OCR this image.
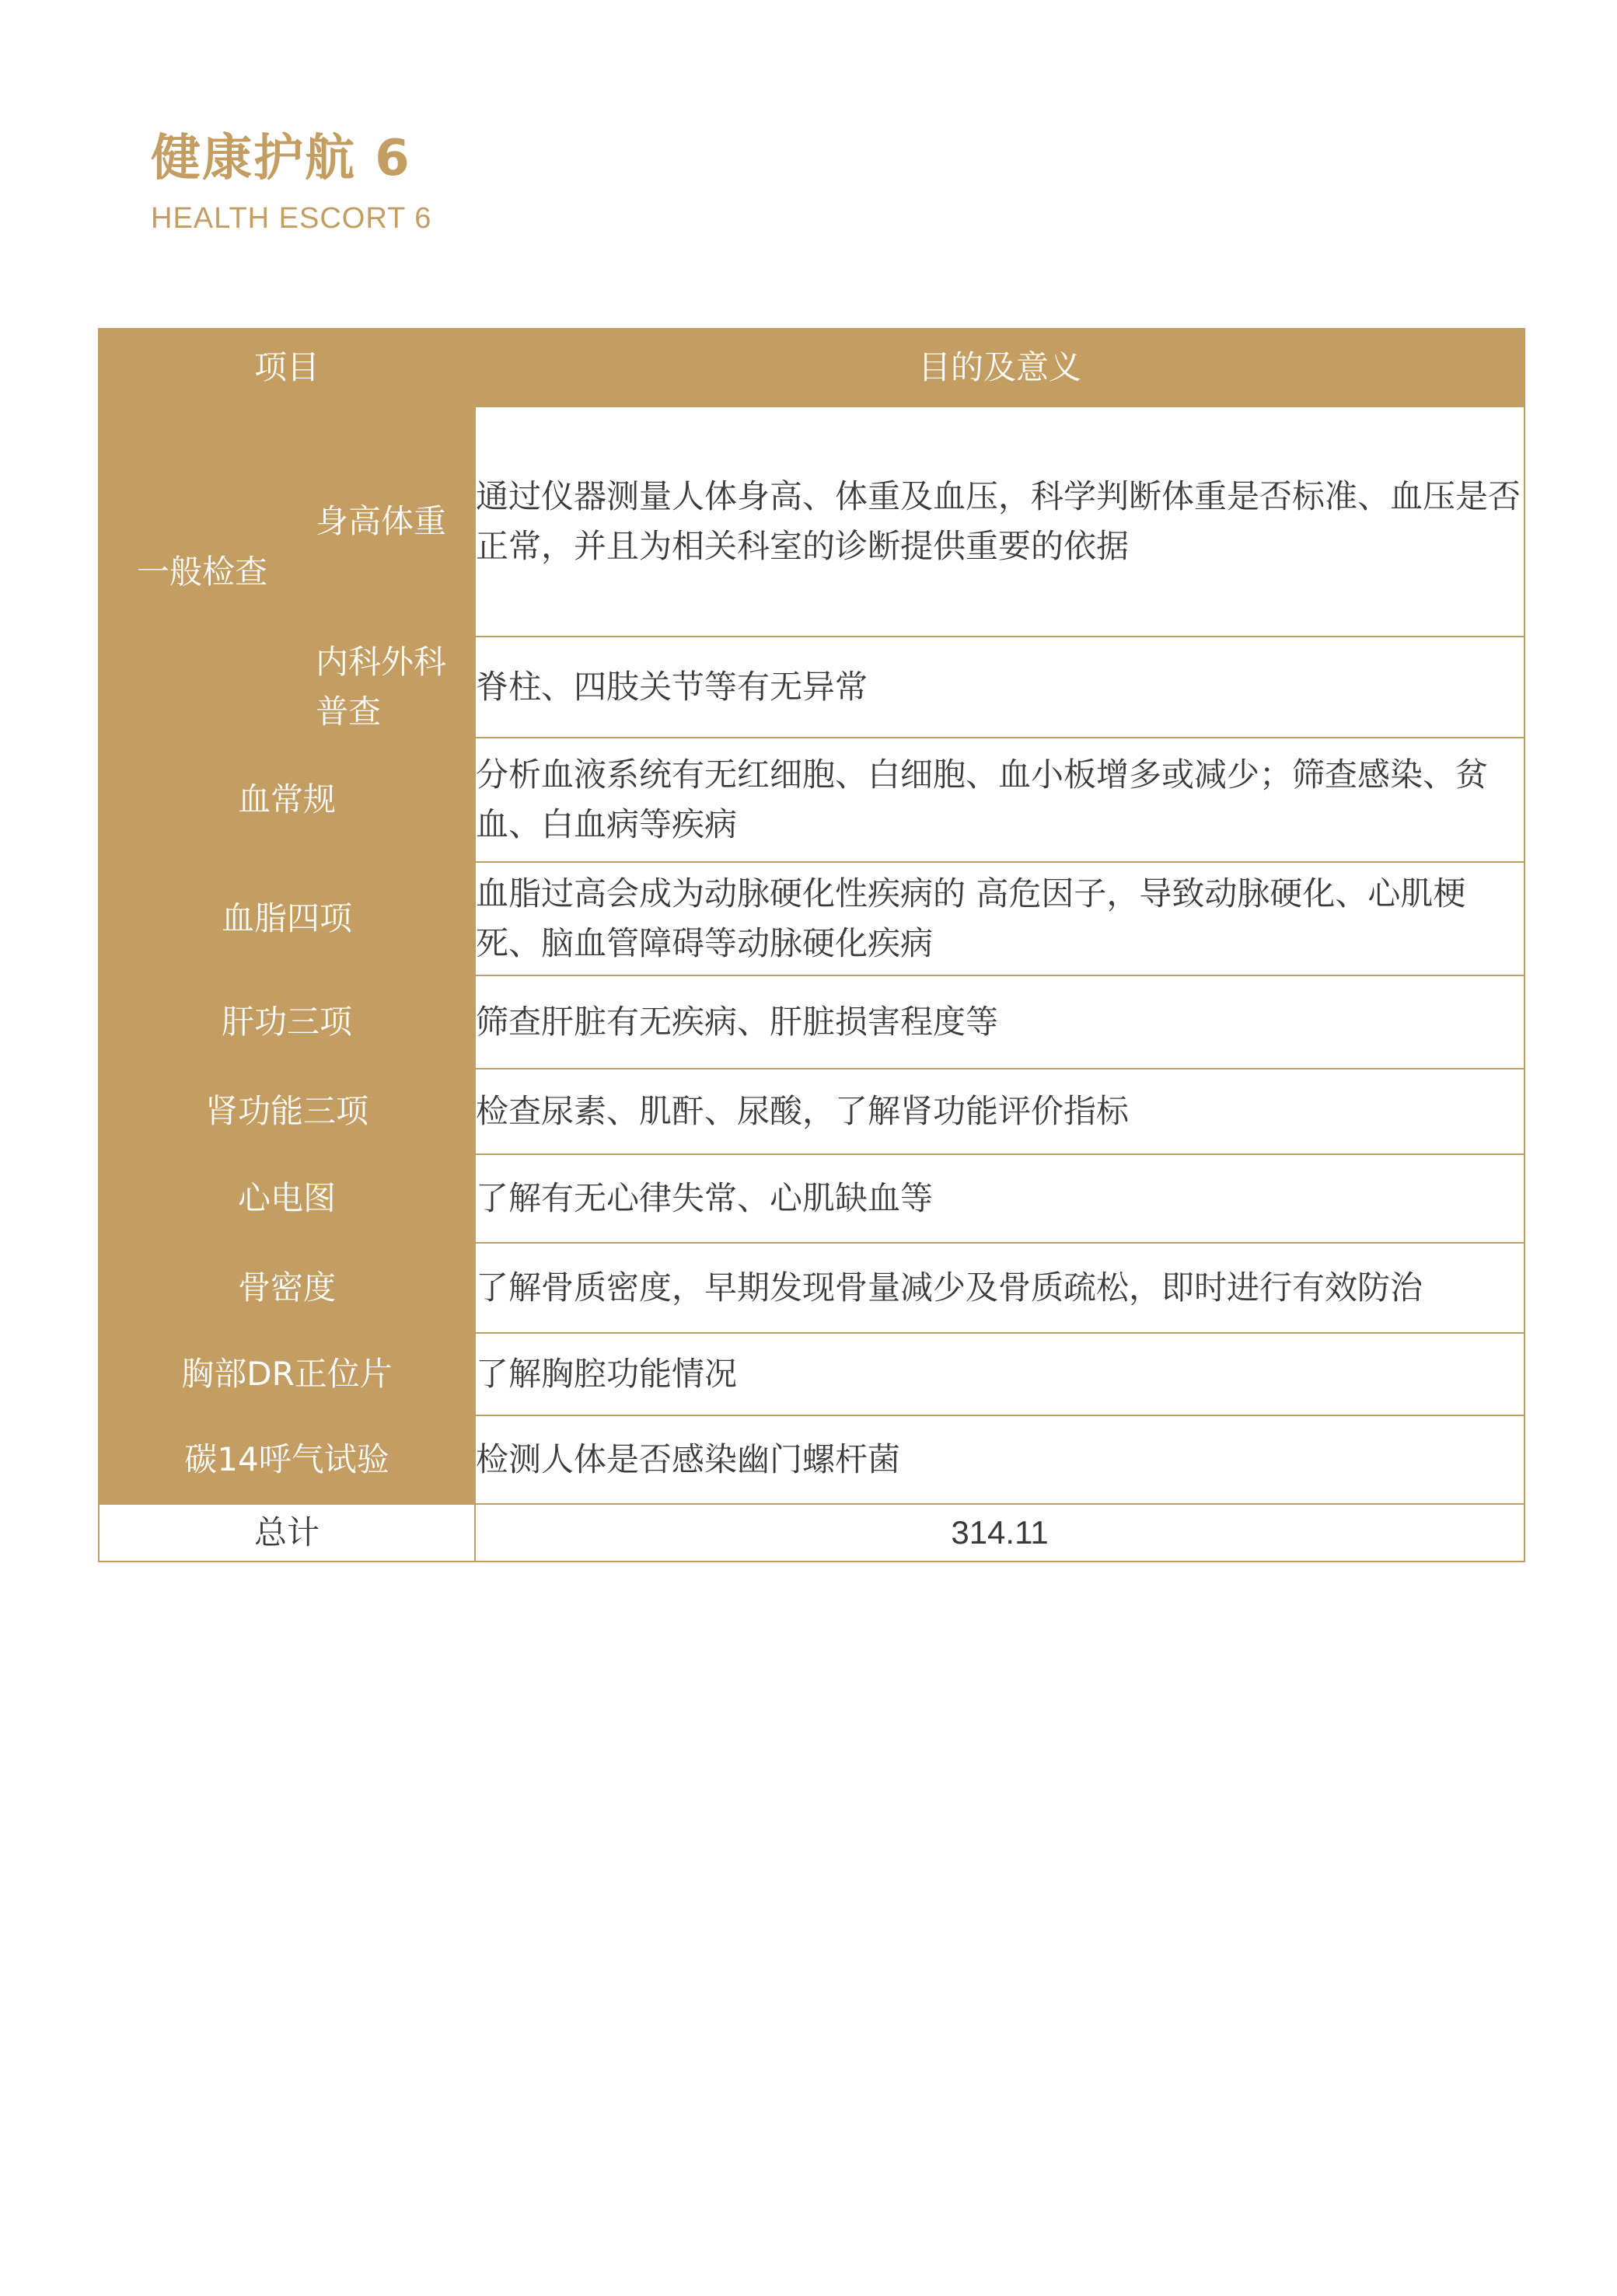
健康护航 6
HEALTH ESCORT 6
项目		目的及意义
一般检查	身高体重	通过仪器测量人体身高、体重及血压，科学判断体重是否标准、血压是否正常，并且为相关科室的诊断提供重要的依据
	内科外科普查	脊柱、四肢关节等有无异常
血常规		分析血液系统有无红细胞、白细胞、血小板增多或减少；筛查感染、贫血、白血病等疾病
血脂四项		血脂过高会成为动脉硬化性疾病的 高危因子，导致动脉硬化、心肌梗死、脑血管障碍等动脉硬化疾病
肝功三项		筛查肝脏有无疾病、肝脏损害程度等
肾功能三项		检查尿素、肌酐、尿酸，了解肾功能评价指标
心电图		了解有无心律失常、心肌缺血等
骨密度		了解骨质密度，早期发现骨量减少及骨质疏松，即时进行有效防治
胸部DR正位片		了解胸腔功能情况
碳14呼气试验		检测人体是否感染幽门螺杆菌
总计		314.11
